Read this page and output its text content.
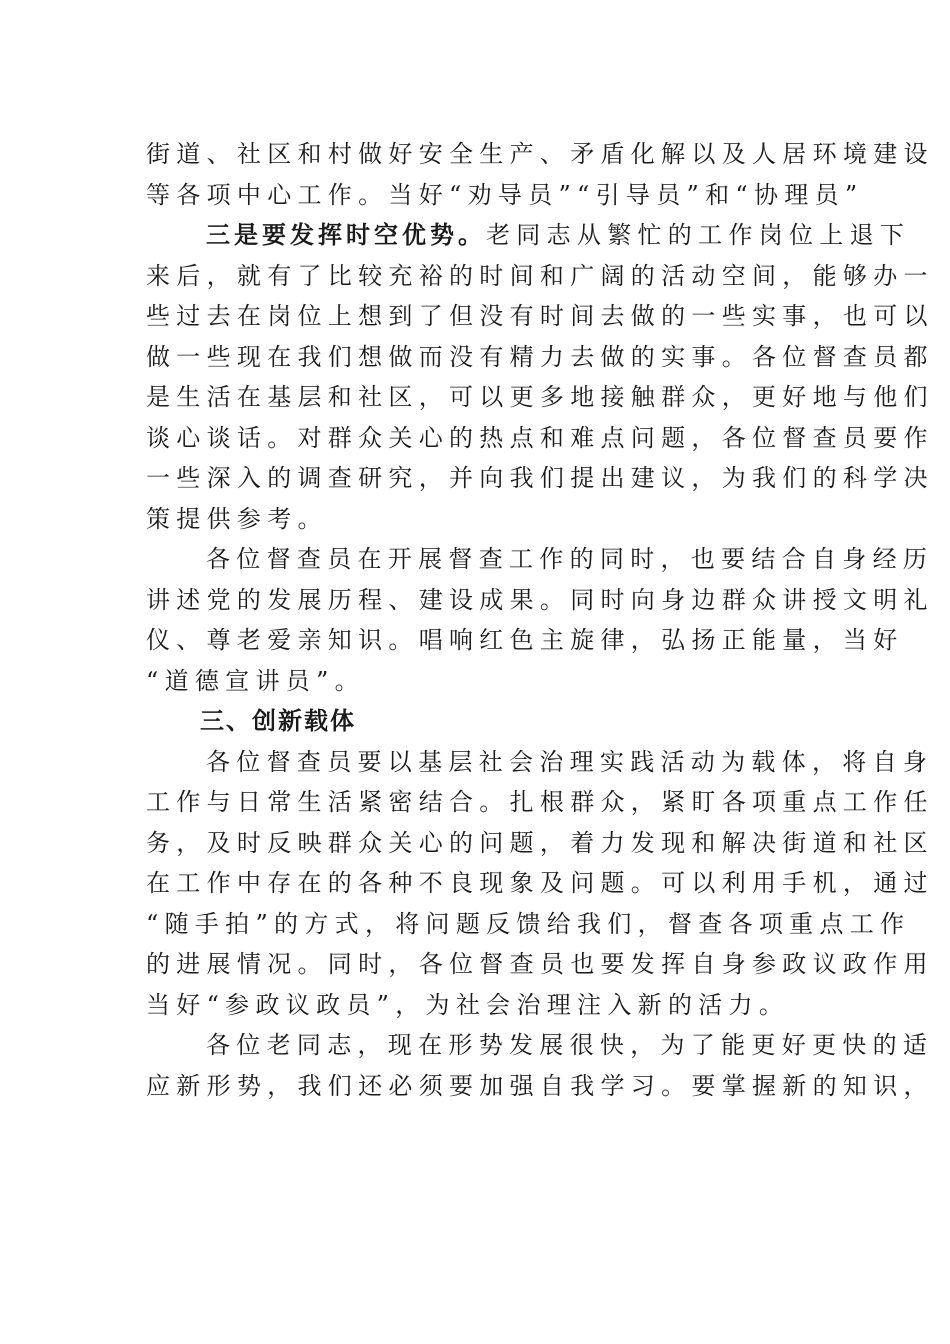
街道、社区和村做好安全生产、矛盾化解以及人居环境建设
等各项中心工作。当好“劝导员”“引导员”和“协理员”
三是要发挥时空优势。老同志从繁忙的工作岗位上退下
来后，就有了比较充裕的时间和广阔的活动空间，能够办一
些过去在岗位上想到了但没有时间去做的一些实事，也可以
做一些现在我们想做而没有精力去做的实事。各位督查员都
是生活在基层和社区，可以更多地接触群众，更好地与他们
谈心谈话。对群众关心的热点和难点问题，各位督查员要作
一些深入的调查研究，并向我们提出建议，为我们的科学决
策提供参考。
各位督查员在开展督查工作的同时，也要结合自身经历
讲述党的发展历程、建设成果。同时向身边群众讲授文明礼
仪、尊老爱亲知识。唱响红色主旋律，弘扬正能量，当好
“道德宣讲员”。
三、创新载体
各位督查员要以基层社会治理实践活动为载体，将自身
工作与日常生活紧密结合。扎根群众，紧盯各项重点工作任
务，及时反映群众关心的问题，着力发现和解决街道和社区
在工作中存在的各种不良现象及问题。可以利用手机，通过
“随手拍”的方式，将问题反馈给我们，督查各项重点工作
的进展情况。同时，各位督查员也要发挥自身参政议政作用
当好“参政议政员”，为社会治理注入新的活力。
各位老同志，现在形势发展很快，为了能更好更快的适
应新形势，我们还必须要加强自我学习。要掌握新的知识，
